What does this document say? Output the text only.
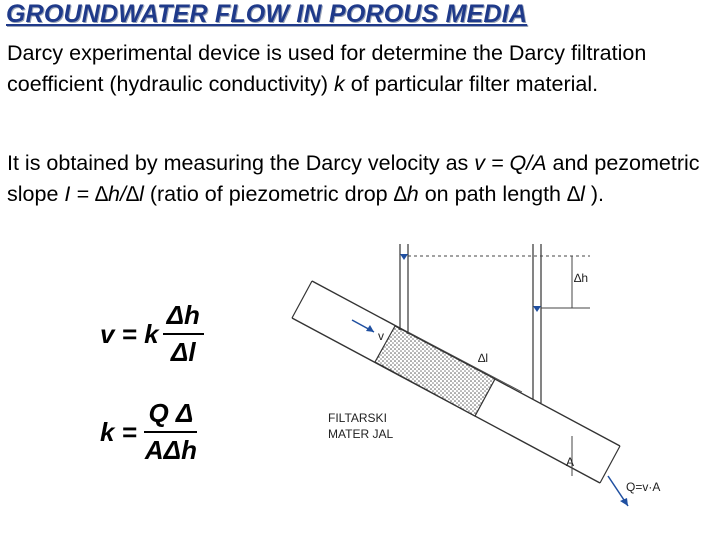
GROUNDWATER FLOW IN POROUS MEDIA

Darcy experimental device is used for determine the Darcy filtration coefficient (hydraulic conductivity) k of particular filter material.

It is obtained by measuring the Darcy velocity as v = Q/A and pezometric slope I = ∆h/∆l (ratio of piezometric drop ∆h on path length ∆l ).

v = k $\frac{\Delta h}{\Delta l}$
$k = \frac{\text{Q Δ}}{\text{AΔh}}$
∆h
v
∆l
A
Q=v·A
FILTARSKI
MATER JAL
